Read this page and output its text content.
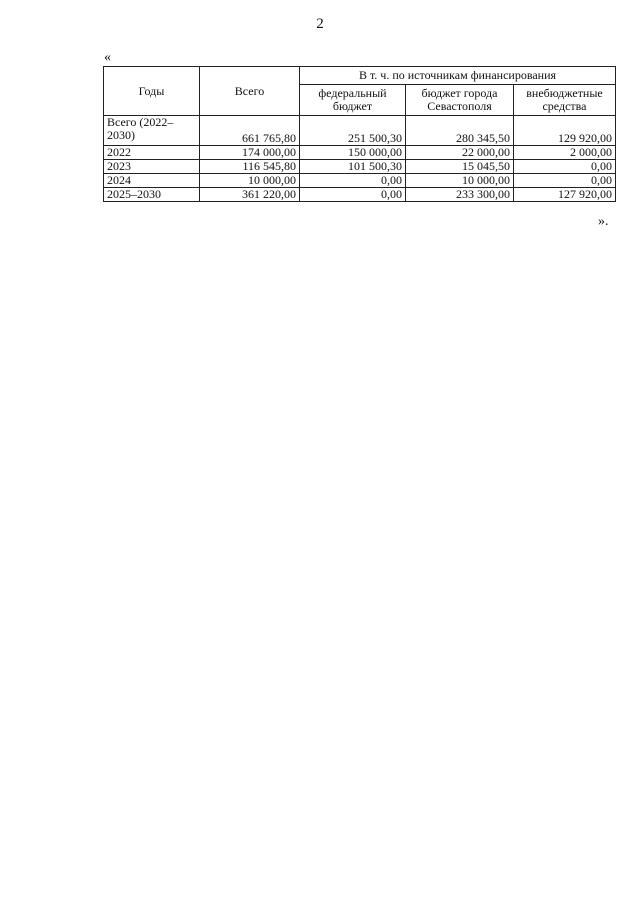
2
«
Годы	Всего	В т. ч. по источникам финансирования		
		федеральный бюджет	бюджет города Севастополя	внебюджетные средства
Всего (2022–2030)	661 765,80	251 500,30	280 345,50	129 920,00
2022	174 000,00	150 000,00	22 000,00	2 000,00
2023	116 545,80	101 500,30	15 045,50	0,00
2024	10 000,00	0,00	10 000,00	0,00
2025–2030	361 220,00	0,00	233 300,00	127 920,00
».
